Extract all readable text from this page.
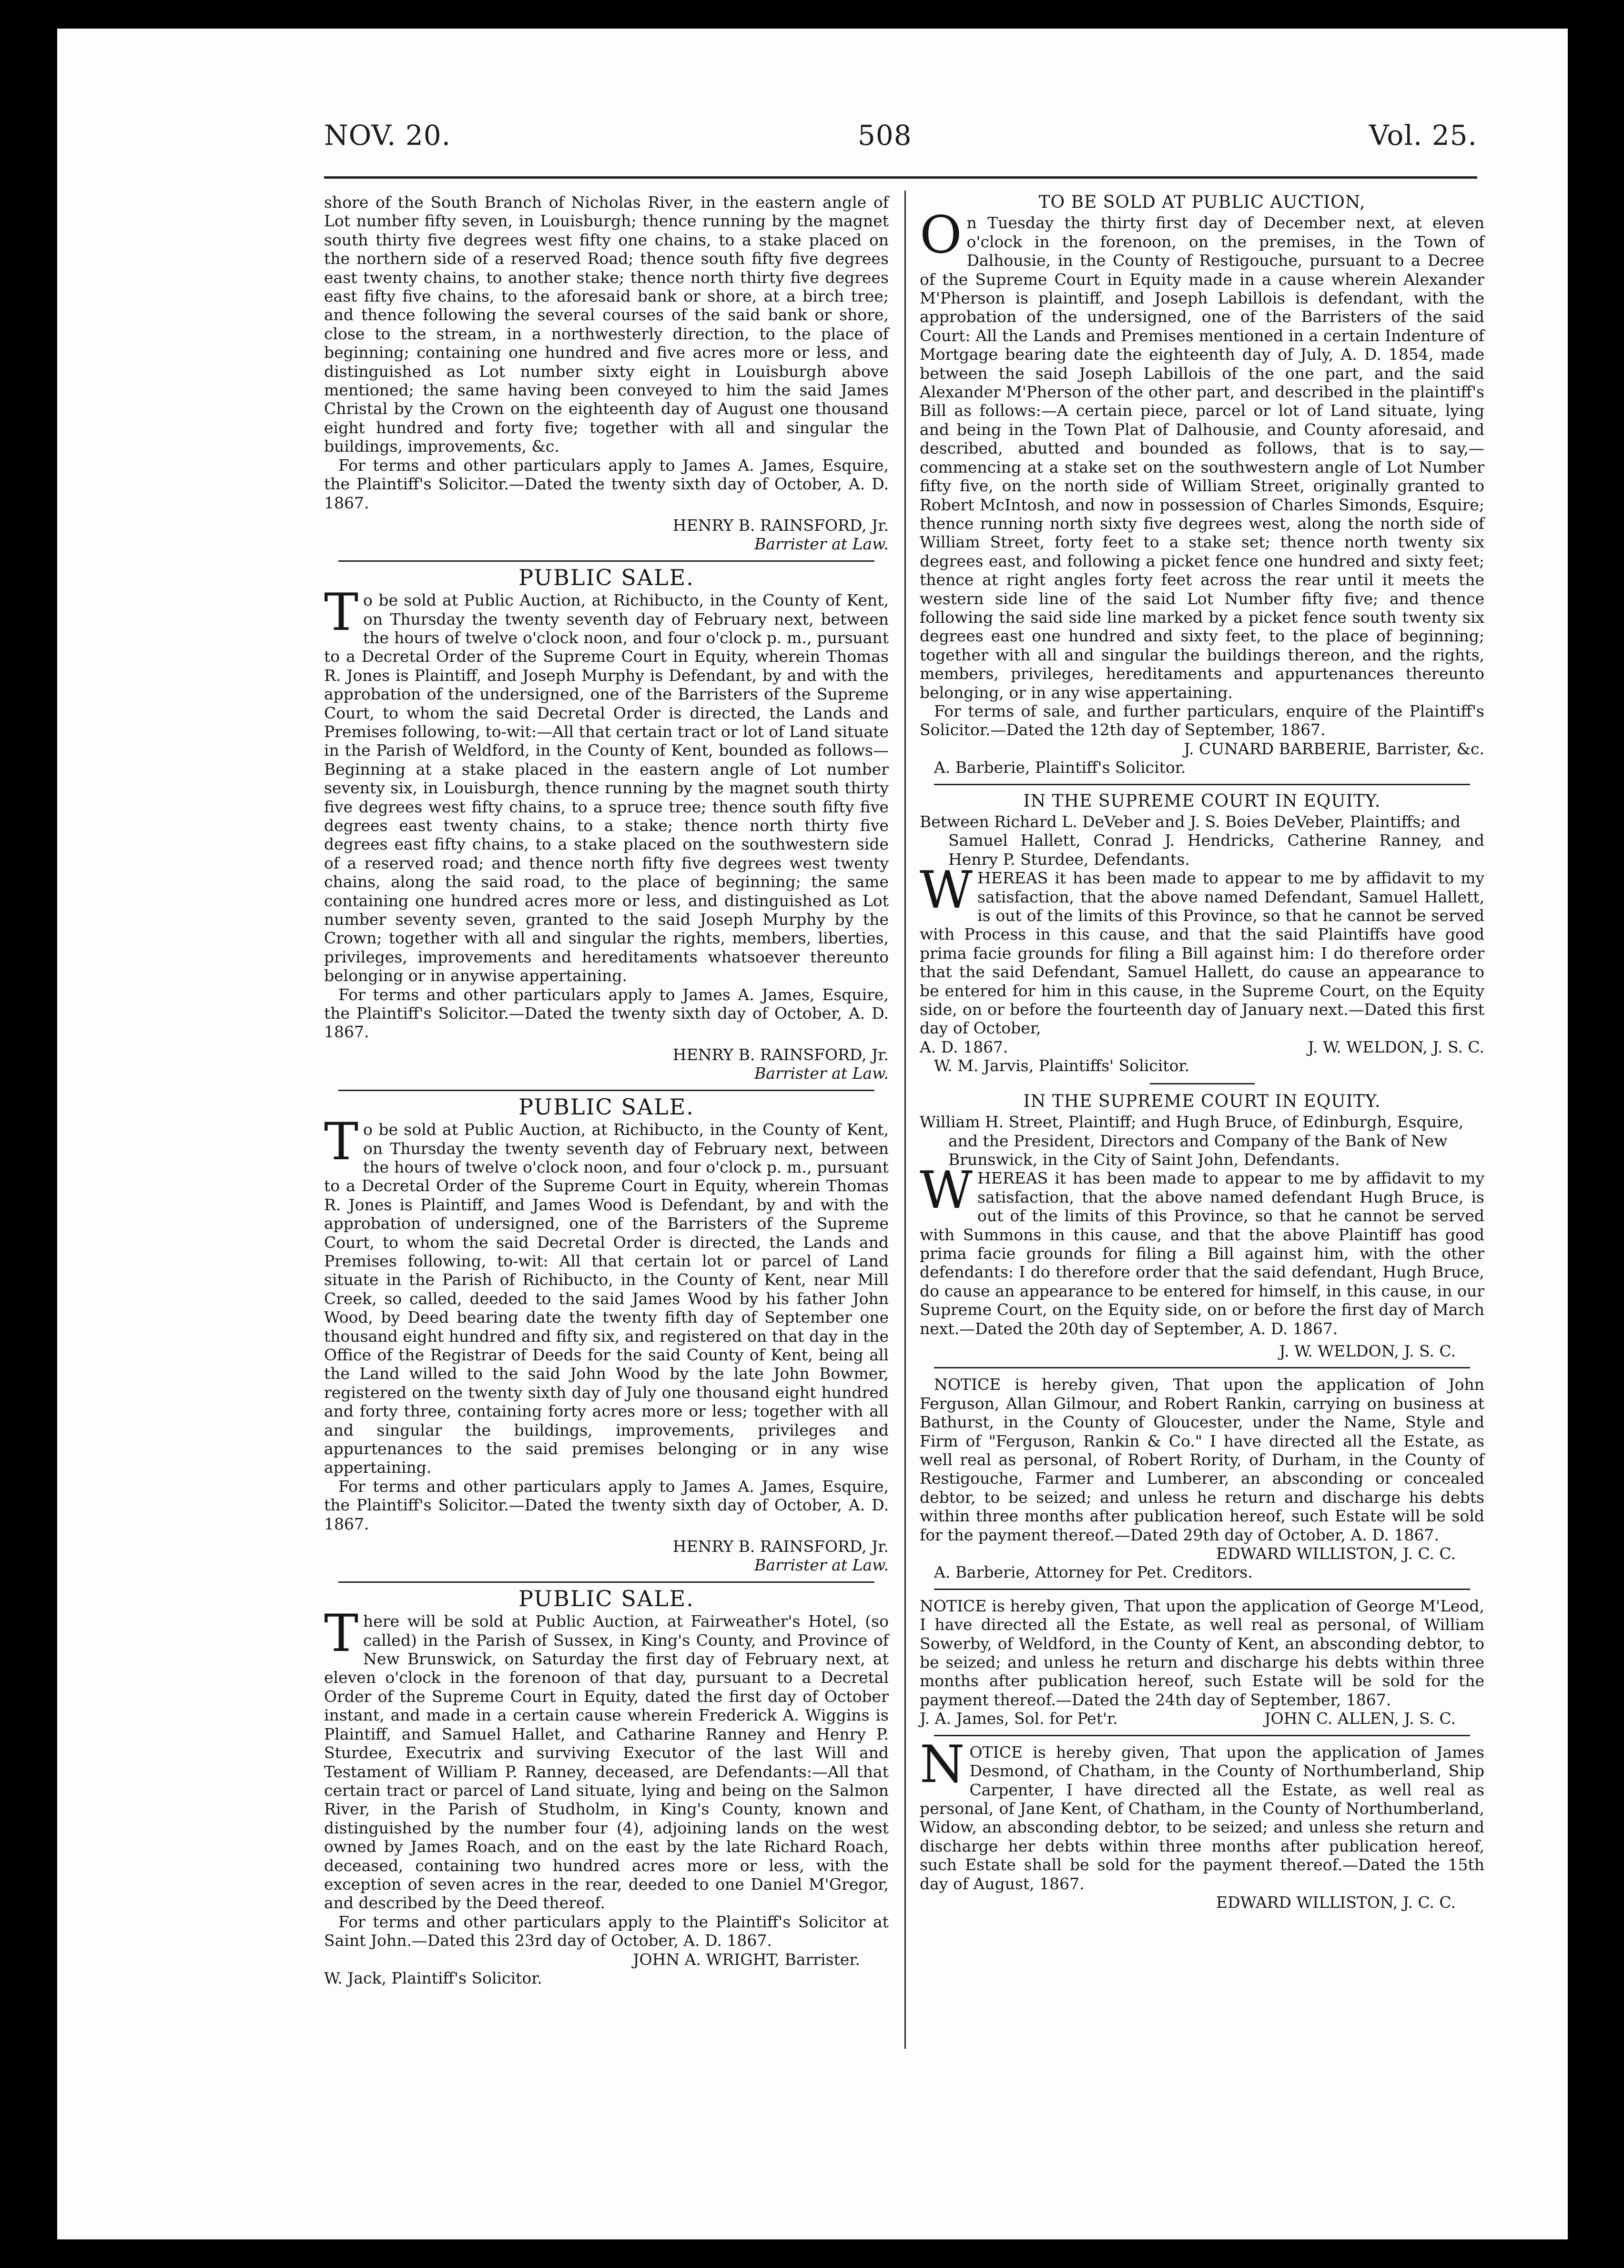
NOV. 20.	508	Vol. 25.

shore of the South Branch of Nicholas River, in the eastern angle of Lot number fifty seven, in Louisburgh; thence running by the magnet south thirty five degrees west fifty one chains, to a stake placed on the northern side of a reserved Road; thence south fifty five degrees east twenty chains, to another stake; thence north thirty five degrees east fifty five chains, to the aforesaid bank or shore, at a birch tree; and thence following the several courses of the said bank or shore, close to the stream, in a northwesterly direction, to the place of beginning; containing one hundred and five acres more or less, and distinguished as Lot number sixty eight in Louisburgh above mentioned; the same having been conveyed to him the said James Christal by the Crown on the eighteenth day of August one thousand eight hundred and forty five; together with all and singular the buildings, improvements, &c.

For terms and other particulars apply to James A. James, Esquire, the Plaintiff's Solicitor.—Dated the twenty sixth day of October, A. D. 1867.

HENRY B. RAINSFORD, Jr.

Barrister at Law.

PUBLIC SALE.

To be sold at Public Auction, at Richibucto, in the County of Kent, on Thursday the twenty seventh day of February next, between the hours of twelve o'clock noon, and four o'clock p. m., pursuant to a Decretal Order of the Supreme Court in Equity, wherein Thomas R. Jones is Plaintiff, and Joseph Murphy is Defendant, by and with the approbation of the undersigned, one of the Barristers of the Supreme Court, to whom the said Decretal Order is directed, the Lands and Premises following, to-wit:—All that certain tract or lot of Land situate in the Parish of Weldford, in the County of Kent, bounded as follows—Beginning at a stake placed in the eastern angle of Lot number seventy six, in Louisburgh, thence running by the magnet south thirty five degrees west fifty chains, to a spruce tree; thence south fifty five degrees east twenty chains, to a stake; thence north thirty five degrees east fifty chains, to a stake placed on the southwestern side of a reserved road; and thence north fifty five degrees west twenty chains, along the said road, to the place of beginning; the same containing one hundred acres more or less, and distinguished as Lot number seventy seven, granted to the said Joseph Murphy by the Crown; together with all and singular the rights, members, liberties, privileges, improvements and hereditaments whatsoever thereunto belonging or in anywise appertaining.

For terms and other particulars apply to James A. James, Esquire, the Plaintiff's Solicitor.—Dated the twenty sixth day of October, A. D. 1867.

HENRY B. RAINSFORD, Jr.

Barrister at Law.

PUBLIC SALE.

To be sold at Public Auction, at Richibucto, in the County of Kent, on Thursday the twenty seventh day of February next, between the hours of twelve o'clock noon, and four o'clock p. m., pursuant to a Decretal Order of the Supreme Court in Equity, wherein Thomas R. Jones is Plaintiff, and James Wood is Defendant, by and with the approbation of undersigned, one of the Barristers of the Supreme Court, to whom the said Decretal Order is directed, the Lands and Premises following, to-wit: All that certain lot or parcel of Land situate in the Parish of Richibucto, in the County of Kent, near Mill Creek, so called, deeded to the said James Wood by his father John Wood, by Deed bearing date the twenty fifth day of September one thousand eight hundred and fifty six, and registered on that day in the Office of the Registrar of Deeds for the said County of Kent, being all the Land willed to the said John Wood by the late John Bowmer, registered on the twenty sixth day of July one thousand eight hundred and forty three, containing forty acres more or less; together with all and singular the buildings, improvements, privileges and appurtenances to the said premises belonging or in any wise appertaining.

For terms and other particulars apply to James A. James, Esquire, the Plaintiff's Solicitor.—Dated the twenty sixth day of October, A. D. 1867.

HENRY B. RAINSFORD, Jr.

Barrister at Law.

PUBLIC SALE.

There will be sold at Public Auction, at Fairweather's Hotel, (so called) in the Parish of Sussex, in King's County, and Province of New Brunswick, on Saturday the first day of February next, at eleven o'clock in the forenoon of that day, pursuant to a Decretal Order of the Supreme Court in Equity, dated the first day of October instant, and made in a certain cause wherein Frederick A. Wiggins is Plaintiff, and Samuel Hallet, and Catharine Ranney and Henry P. Sturdee, Executrix and surviving Executor of the last Will and Testament of William P. Ranney, deceased, are Defendants:—All that certain tract or parcel of Land situate, lying and being on the Salmon River, in the Parish of Studholm, in King's County, known and distinguished by the number four (4), adjoining lands on the west owned by James Roach, and on the east by the late Richard Roach, deceased, containing two hundred acres more or less, with the exception of seven acres in the rear, deeded to one Daniel M'Gregor, and described by the Deed thereof.

For terms and other particulars apply to the Plaintiff's Solicitor at Saint John.—Dated this 23rd day of October, A. D. 1867.

JOHN A. WRIGHT, Barrister.

W. Jack, Plaintiff's Solicitor.

TO BE SOLD AT PUBLIC AUCTION,

On Tuesday the thirty first day of December next, at eleven o'clock in the forenoon, on the premises, in the Town of Dalhousie, in the County of Restigouche, pursuant to a Decree of the Supreme Court in Equity made in a cause wherein Alexander M'Pherson is plaintiff, and Joseph Labillois is defendant, with the approbation of the undersigned, one of the Barristers of the said Court: All the Lands and Premises mentioned in a certain Indenture of Mortgage bearing date the eighteenth day of July, A. D. 1854, made between the said Joseph Labillois of the one part, and the said Alexander M'Pherson of the other part, and described in the plaintiff's Bill as follows:—A certain piece, parcel or lot of Land situate, lying and being in the Town Plat of Dalhousie, and County aforesaid, and described, abutted and bounded as follows, that is to say,—commencing at a stake set on the southwestern angle of Lot Number fifty five, on the north side of William Street, originally granted to Robert McIntosh, and now in possession of Charles Simonds, Esquire; thence running north sixty five degrees west, along the north side of William Street, forty feet to a stake set; thence north twenty six degrees east, and following a picket fence one hundred and sixty feet; thence at right angles forty feet across the rear until it meets the western side line of the said Lot Number fifty five; and thence following the said side line marked by a picket fence south twenty six degrees east one hundred and sixty feet, to the place of beginning; together with all and singular the buildings thereon, and the rights, members, privileges, hereditaments and appurtenances thereunto belonging, or in any wise appertaining.

For terms of sale, and further particulars, enquire of the Plaintiff's Solicitor.—Dated the 12th day of September, 1867.

J. CUNARD BARBERIE, Barrister, &c.

A. Barberie, Plaintiff's Solicitor.

IN THE SUPREME COURT IN EQUITY.

Between Richard L. DeVeber and J. S. Boies DeVeber, Plaintiffs; and

Samuel Hallett, Conrad J. Hendricks, Catherine Ranney, and Henry P. Sturdee, Defendants.

WHEREAS it has been made to appear to me by affidavit to my satisfaction, that the above named Defendant, Samuel Hallett, is out of the limits of this Province, so that he cannot be served with Process in this cause, and that the said Plaintiffs have good prima facie grounds for filing a Bill against him: I do therefore order that the said Defendant, Samuel Hallett, do cause an appearance to be entered for him in this cause, in the Supreme Court, on the Equity side, on or before the fourteenth day of January next.—Dated this first day of October,

A. D. 1867.	J. W. WELDON, J. S. C.

W. M. Jarvis, Plaintiffs' Solicitor.

IN THE SUPREME COURT IN EQUITY.

William H. Street, Plaintiff; and Hugh Bruce, of Edinburgh, Esquire, and the President, Directors and Company of the Bank of New Brunswick, in the City of Saint John, Defendants.

WHEREAS it has been made to appear to me by affidavit to my satisfaction, that the above named defendant Hugh Bruce, is out of the limits of this Province, so that he cannot be served with Summons in this cause, and that the above Plaintiff has good prima facie grounds for filing a Bill against him, with the other defendants: I do therefore order that the said defendant, Hugh Bruce, do cause an appearance to be entered for himself, in this cause, in our Supreme Court, on the Equity side, on or before the first day of March next.—Dated the 20th day of September, A. D. 1867.

J. W. WELDON, J. S. C.

NOTICE is hereby given, That upon the application of John Ferguson, Allan Gilmour, and Robert Rankin, carrying on business at Bathurst, in the County of Gloucester, under the Name, Style and Firm of "Ferguson, Rankin & Co." I have directed all the Estate, as well real as personal, of Robert Rority, of Durham, in the County of Restigouche, Farmer and Lumberer, an absconding or concealed debtor, to be seized; and unless he return and discharge his debts within three months after publication hereof, such Estate will be sold for the payment thereof.—Dated 29th day of October, A. D. 1867.

EDWARD WILLISTON, J. C. C.

A. Barberie, Attorney for Pet. Creditors.

NOTICE is hereby given, That upon the application of George M'Leod, I have directed all the Estate, as well real as personal, of William Sowerby, of Weldford, in the County of Kent, an absconding debtor, to be seized; and unless he return and discharge his debts within three months after publication hereof, such Estate will be sold for the payment thereof.—Dated the 24th day of September, 1867.

J. A. James, Sol. for Pet'r.	JOHN C. ALLEN, J. S. C.

NOTICE is hereby given, That upon the application of James Desmond, of Chatham, in the County of Northumberland, Ship Carpenter, I have directed all the Estate, as well real as personal, of Jane Kent, of Chatham, in the County of Northumberland, Widow, an absconding debtor, to be seized; and unless she return and discharge her debts within three months after publication hereof, such Estate shall be sold for the payment thereof.—Dated the 15th day of August, 1867.

EDWARD WILLISTON, J. C. C.
